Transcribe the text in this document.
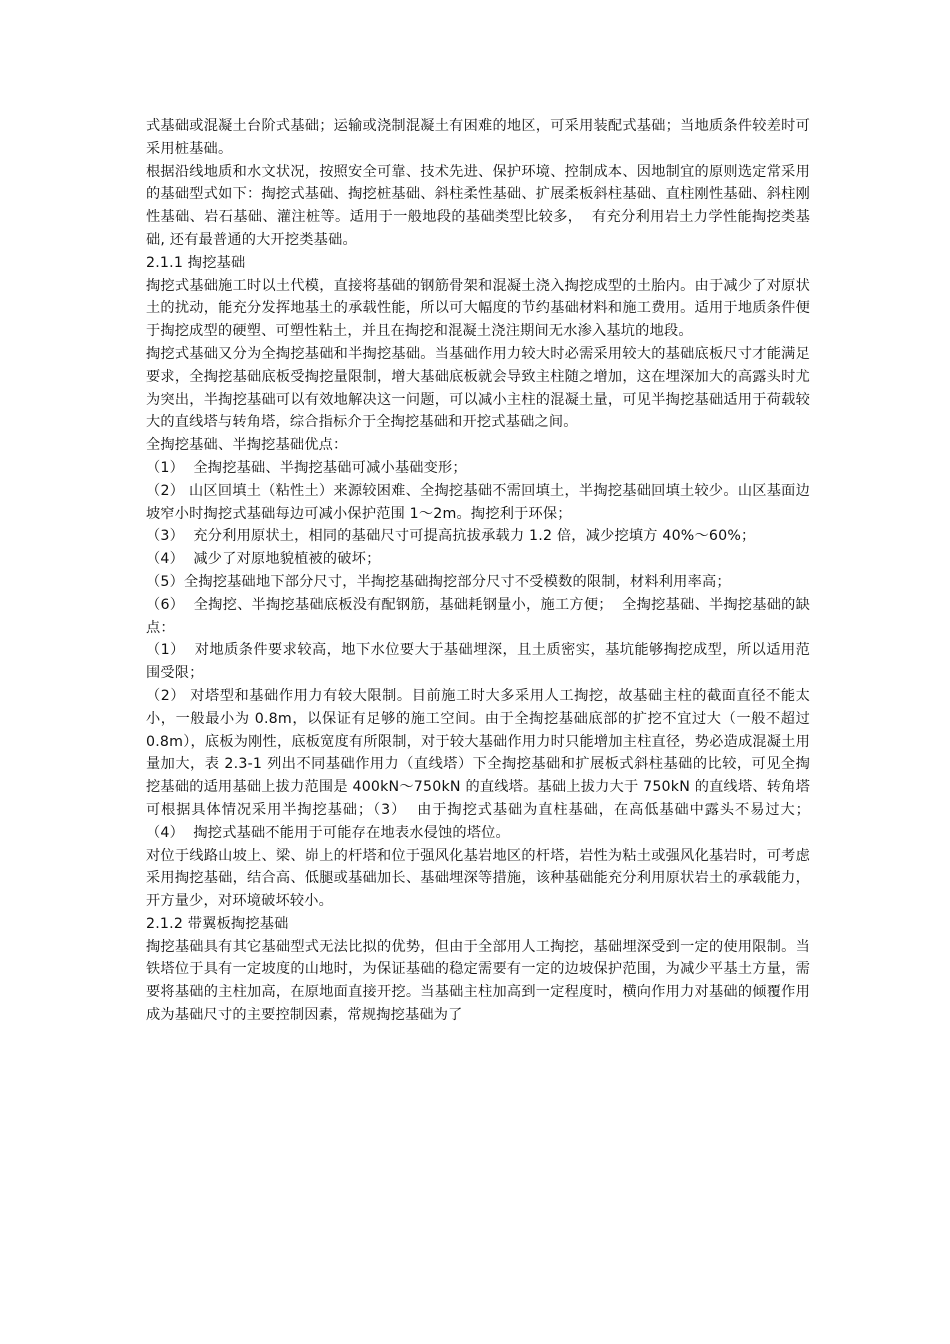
式基础或混凝土台阶式基础；运输或浇制混凝土有困难的地区，可采用装配式基础；当地质条件较差时可采用桩基础。

根据沿线地质和水文状况，按照安全可靠、技术先进、保护环境、控制成本、因地制宜的原则选定常采用的基础型式如下：掏挖式基础、掏挖桩基础、斜柱柔性基础、扩展柔板斜柱基础、直柱刚性基础、斜柱刚性基础、岩石基础、灌注桩等。适用于一般地段的基础类型比较多，  有充分利用岩土力学性能掏挖类基础, 还有最普通的大开挖类基础。

2.1.1 掏挖基础

掏挖式基础施工时以土代模，直接将基础的钢筋骨架和混凝土浇入掏挖成型的土胎内。由于减少了对原状土的扰动，能充分发挥地基土的承载性能，所以可大幅度的节约基础材料和施工费用。适用于地质条件便于掏挖成型的硬塑、可塑性粘土，并且在掏挖和混凝土浇注期间无水渗入基坑的地段。

掏挖式基础又分为全掏挖基础和半掏挖基础。当基础作用力较大时必需采用较大的基础底板尺寸才能满足要求，全掏挖基础底板受掏挖量限制，增大基础底板就会导致主柱随之增加，这在埋深加大的高露头时尤为突出，半掏挖基础可以有效地解决这一问题，可以减小主柱的混凝土量，可见半掏挖基础适用于荷载较大的直线塔与转角塔，综合指标介于全掏挖基础和开挖式基础之间。

全掏挖基础、半掏挖基础优点：

（1）  全掏挖基础、半掏挖基础可减小基础变形；

（2） 山区回填土（粘性土）来源较困难、全掏挖基础不需回填土，半掏挖基础回填土较少。山区基面边坡窄小时掏挖式基础每边可减小保护范围 1～2m。掏挖利于环保；

（3）  充分利用原状土，相同的基础尺寸可提高抗拔承载力 1.2 倍，减少挖填方 40%～60%；

（4）  减少了对原地貌植被的破坏；

（5）全掏挖基础地下部分尺寸，半掏挖基础掏挖部分尺寸不受模数的限制，材料利用率高；

（6）  全掏挖、半掏挖基础底板没有配钢筋，基础耗钢量小，施工方便；  全掏挖基础、半掏挖基础的缺点：

（1）  对地质条件要求较高，地下水位要大于基础埋深，且土质密实，基坑能够掏挖成型，所以适用范围受限；

（2） 对塔型和基础作用力有较大限制。目前施工时大多采用人工掏挖，故基础主柱的截面直径不能太小，一般最小为 0.8m，以保证有足够的施工空间。由于全掏挖基础底部的扩挖不宜过大（一般不超过 0.8m），底板为刚性，底板宽度有所限制，对于较大基础作用力时只能增加主柱直径，势必造成混凝土用量加大，表 2.3-1 列出不同基础作用力（直线塔）下全掏挖基础和扩展板式斜柱基础的比较，可见全掏挖基础的适用基础上拔力范围是 400kN～750kN 的直线塔。基础上拔力大于 750kN 的直线塔、转角塔可根据具体情况采用半掏挖基础；（3）  由于掏挖式基础为直柱基础，在高低基础中露头不易过大；   （4）  掏挖式基础不能用于可能存在地表水侵蚀的塔位。

对位于线路山坡上、梁、峁上的杆塔和位于强风化基岩地区的杆塔，岩性为粘土或强风化基岩时，可考虑采用掏挖基础，结合高、低腿或基础加长、基础埋深等措施，该种基础能充分利用原状岩土的承载能力，开方量少，对环境破坏较小。

2.1.2 带翼板掏挖基础

掏挖基础具有其它基础型式无法比拟的优势，但由于全部用人工掏挖，基础埋深受到一定的使用限制。当铁塔位于具有一定坡度的山地时，为保证基础的稳定需要有一定的边坡保护范围，为减少平基土方量，需要将基础的主柱加高，在原地面直接开挖。当基础主柱加高到一定程度时，横向作用力对基础的倾覆作用成为基础尺寸的主要控制因素，常规掏挖基础为了
